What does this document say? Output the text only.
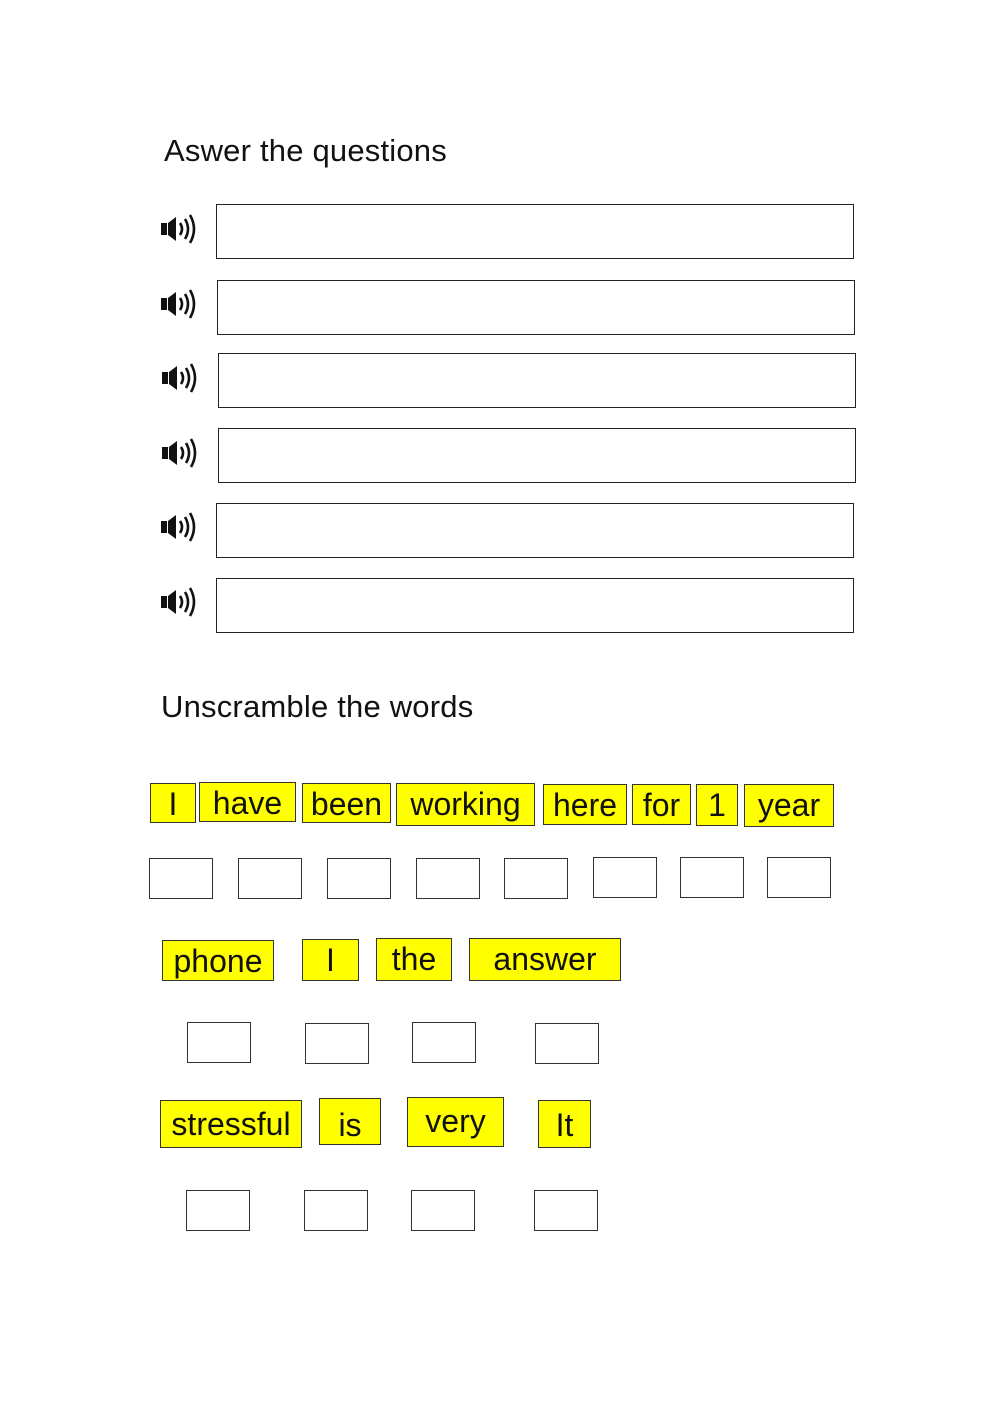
Aswer the questions
Unscramble the words
I	have been working	here for 1 year
phone	I	the	answer
stressful	is	very	It
